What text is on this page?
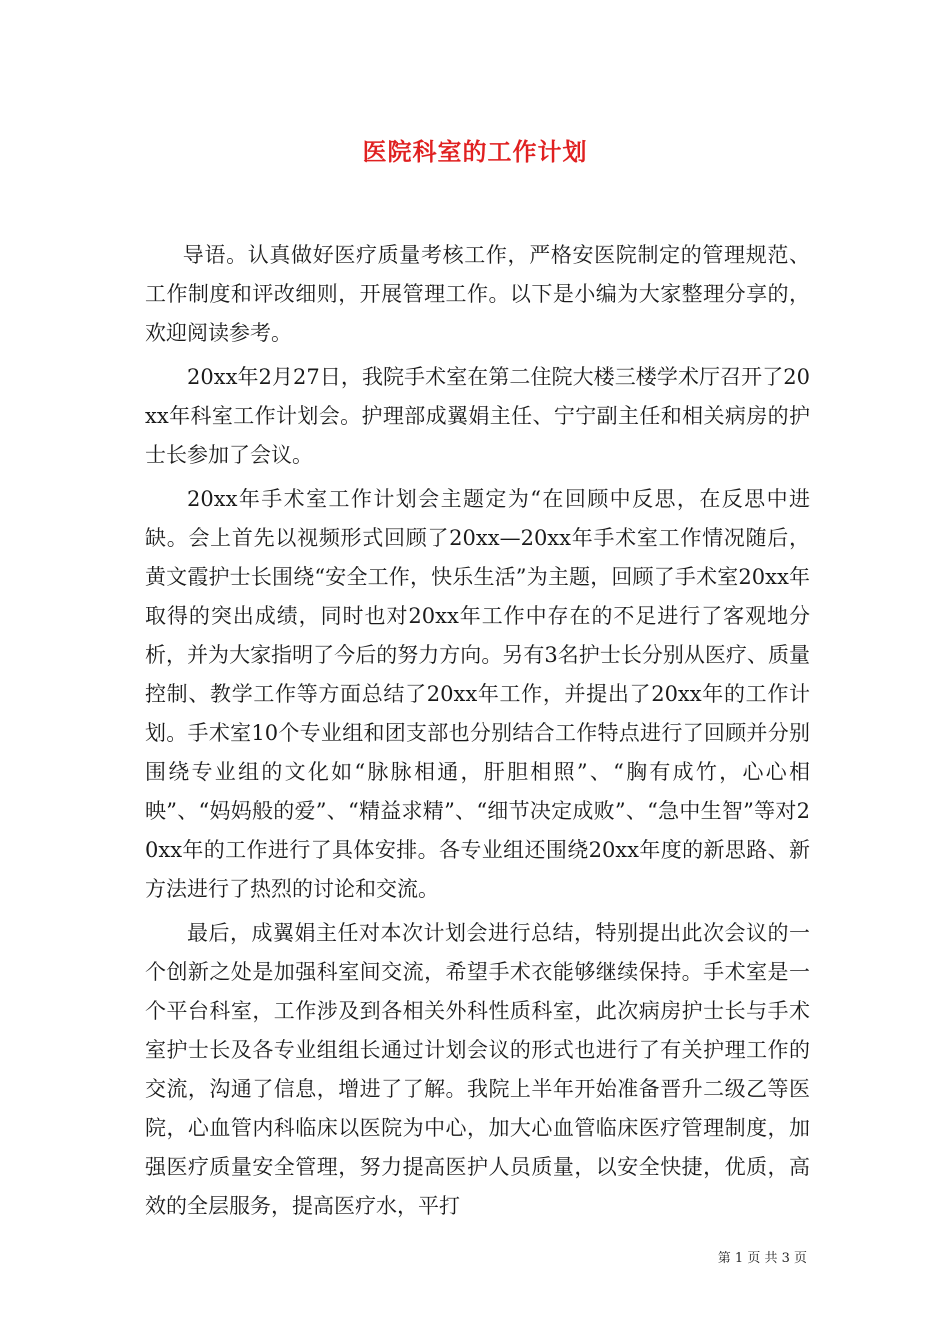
医院科室的工作计划

导语。认真做好医疗质量考核工作，严格安医院制定的管理规范、工作制度和评改细则，开展管理工作。以下是小编为大家整理分享的，欢迎阅读参考。

20xx年2月27日，我院手术室在第二住院大楼三楼学术厅召开了20xx年科室工作计划会。护理部成翼娟主任、宁宁副主任和相关病房的护士长参加了会议。

20xx年手术室工作计划会主题定为“在回顾中反思，在反思中进缺。会上首先以视频形式回顾了20xx—20xx年手术室工作情况随后，黄文霞护士长围绕“安全工作，快乐生活”为主题，回顾了手术室20xx年取得的突出成绩，同时也对20xx年工作中存在的不足进行了客观地分析，并为大家指明了今后的努力方向。另有3名护士长分别从医疗、质量控制、教学工作等方面总结了20xx年工作，并提出了20xx年的工作计划。手术室10个专业组和团支部也分别结合工作特点进行了回顾并分别围绕专业组的文化如“脉脉相通，肝胆相照”、“胸有成竹，心心相映”、“妈妈般的爱”、“精益求精”、“细节决定成败”、“急中生智”等对20xx年的工作进行了具体安排。各专业组还围绕20xx年度的新思路、新方法进行了热烈的讨论和交流。

最后，成翼娟主任对本次计划会进行总结，特别提出此次会议的一个创新之处是加强科室间交流，希望手术衣能够继续保持。手术室是一个平台科室，工作涉及到各相关外科性质科室，此次病房护士长与手术室护士长及各专业组组长通过计划会议的形式也进行了有关护理工作的交流，沟通了信息，增进了了解。我院上半年开始准备晋升二级乙等医院，心血管内科临床以医院为中心，加大心血管临床医疗管理制度，加强医疗质量安全管理，努力提高医护人员质量，以安全快捷，优质，高效的全层服务，提高医疗水，平打

第 1 页 共 3 页
